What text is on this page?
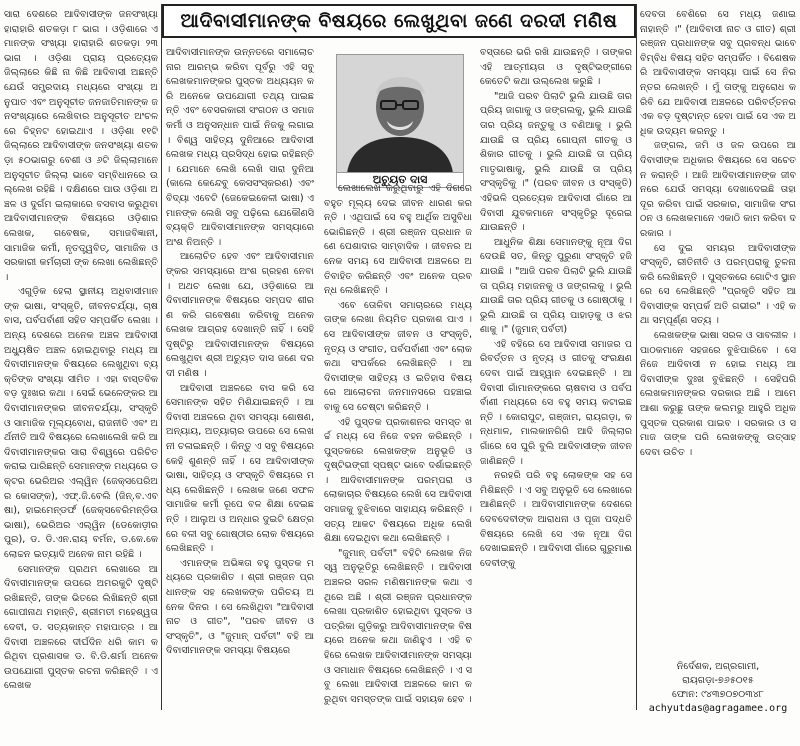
ଆଦିବାସୀମାନଙ୍କ ବିଷୟରେ ଲେଖୁଥିବା ଜଣେ ଦରଦୀ ମଣିଷ

ସାରା ଦେଶରେ ଆଦିବାସୀଙ୍କ ଜନସଂଖ୍ୟା ହାରାହାରି ଶତକଡ଼ା ୮ ଭାଗ । ଓଡ଼ିଶାରେ ଏମାନଙ୍କ ସଂଖ୍ୟା ହାରାହାରି ଶତକଡ଼ା ୨୩ ଭାଗ । ଓଡ଼ିଶା ପ୍ରାୟ ପ୍ରତ୍ୟେକ ଜିଲ୍ଲାରେ କିଛି ନା କିଛି ଆଦିବାସୀ ଅଛନ୍ତି ଯେଉଁ ସମ୍ପ୍ରଦାୟ ମଧ୍ୟରେ ସଂଖ୍ୟା ଅନୁପାତ ଏବଂ ଅନୁସୂଚୀତ ଜନଜାତିମାନଙ୍କ ଜନସଂଖ୍ୟାରେ ଲେଖିବାର ଅନୁସୂଚୀତ ଅଂଚଳରେ ଚିହ୍ନଟ ହୋଇଥାଏ । ଓଡ଼ିଶା ୧୧ଟି ଜିଲ୍ଲାରେ ଆଦିବାସୀଙ୍କ ଜନସଂଖ୍ୟା ଶତକଡ଼ା ୫୦ଭାଗରୁ ବେଶୀ ଓ ୬ଟି ଜିଲ୍ଲାମାନେ ଅନୁସୂଚୀତ ଜିଲ୍ଲା ଭାବେ ସମ୍ବିଧାନରେ ଉଲ୍ଲେଖ ରହିଛି । ଦକ୍ଷିଣରେ ପାଉ ଓଡ଼ିଶା ଅଞ୍ଚଳ ଓ ଦୁର୍ଗମ ଇଲାକାରେ ବସବାସ କରୁଥିବା ଆଦିବାସୀମାନଙ୍କ ବିଷୟରେ ଓଡ଼ିଶାର ଲେଖକ, ଗବେଷକ, ସମାଜବିଜ୍ଞାନୀ, ସାମାଜିକ କର୍ମୀ, ନୃତତ୍ତ୍ୱବିତ୍, ସାମାଜିକ ଓ ସରକାରୀ କର୍ମଚାରୀ ଙ୍କ ଲେଖା ଲେଖିଛନ୍ତି ।

ଏଗୁଡ଼ିକ ହେଲା ସ୍ଥାନୀୟ ଅଧିବାସୀମାନଙ୍କ ଭାଷା, ସଂସ୍କୃତି, ଜୀବନଚର୍ଯ୍ୟା, ଚାଷବାସ, ପର୍ବପର୍ବାଣୀ ସହିତ ସମ୍ପର୍କିତ ଲେଖା । ଅନ୍ୟ ଦେଶରେ ଅନେକ ଅଞ୍ଚଳ ଆଦିବାସୀ ଅଧ୍ୟୁଷିତ ଅଞ୍ଚଳ ହୋଇଥିବାରୁ ମଧ୍ୟ ଆଦିବାସୀମାନଙ୍କ ବିଷୟରେ ଲେଖୁଥିବା ବ୍ୟକ୍ତିଙ୍କ ସଂଖ୍ୟା ସୀମିତ । ଏହା ବାସ୍ତବିକ ବଡ଼ ଦୁଃଖର କଥା । ସେଇଁ ଭେଳେଙ୍କର ଆଦିବାସୀମାନଙ୍କର ଜୀବନଚର୍ଯ୍ୟା, ସଂସ୍କୃତି ଓ ସାମାଜିକ ମୂଲ୍ୟବୋଧ, ରାଜନୀତି ଏବଂ ଅର୍ଥନୀତି ଆଦି ବିଷୟରେ ଲେଖାଲେଖି କରି ଆଦିବାସୀମାନଙ୍କର ସାରା ବିଶ୍ୱରେ ପରିଚିତ କରାଇ ପାରିଛନ୍ତି ସେମାନଙ୍କ ମଧ୍ୟରେ ଡକ୍ଟର ଭେରିଅର ଏଲ୍ୱିନ (ଜେକ୍ସପେରିଅର କୋସଙ୍କ), ଏଫ୍.ଜି.ବେଲି (ଜିନ୍.ବ.ଏବଷା), ହାଇମେନ୍ଡର୍ଫ (ଜେକ୍ସବେରିମନ୍ଡିଉ ଭାଷା), ଭେରିଅର ଏଲ୍ୱିନ (ଡେକୋଡ଼ୀରପୁର), ଡ. ଡି.ଏନ.ରାୟ ବର୍ମନ, ଡ.କେ.କେ ଲୋଚ୍ଚନ ଇତ୍ୟାଦି ଅନେକ ନାମ ରହିଛି ।

ସେମାନଙ୍କ ପ୍ରଥମ ଲେଖାରେ ଆଦିବାସୀମାନଙ୍କ ଉପରେ ଅମରକୁଟି ଦୃଷ୍ଟି ରଖିଛନ୍ତି, ତାଙ୍କ ଭିତରେ ଲିଖିଛନ୍ତି ଶ୍ରୀ ଗୋପୀନାଥ ମହାନ୍ତି, ଶ୍ରୀମତୀ ମହେଶ୍ୱତା ଦେବୀ, ଡ. ସତ୍ୟକାନ୍ତ ମହାପାତ୍ର । ଆଦିବାସୀ ଅଞ୍ଚଳରେ ଦୀର୍ଘଦିନ ଧରି କାମ କରିଥିବା ପ୍ରଶାସକ ଡ. ବି.ଡି.ଶର୍ମା ଅନେକ ଉପଯୋଗୀ ପୁସ୍ତକ ରଚନା କରିଛନ୍ତି । ଏ ଲେଖକ

ଆଦିବାସୀମାନଙ୍କ ଉନ୍ନତରେ ସମାଲୋଚନାର ଆରମ୍ଭ କରିବା ପୂର୍ବରୁ ଏହି ସବୁ ଲେଖକମାନଙ୍କର ପୁସ୍ତକ ଅଧ୍ୟୟନ କରି ଅନେକେ ଉପଯୋଗୀ ତଥ୍ୟ ପାଇଛନ୍ତି ଏବଂ ବେସରକାରୀ ସଂଗଠନ ଓ ସମାଜକର୍ମୀ ଓ ଅନୁସନ୍ଧାନ ପାଇଁ ନିଜକୁ ଲଗାଇ । ବିଶ୍ୱ ସାହିତ୍ୟ ଦୁନିଆରେ ଆଦିବାସୀ ଲେଖକ ମଧ୍ୟ ପ୍ରସିଦ୍ଧ ହୋଇ ରହିଛନ୍ତି । ଯେମାନେ ଲେଖି ଲେଖି ସାରା ଦୁନିଆ (କାଲେ କେନ୍ଦେବୁ କେସସଂସ୍କରଣ) ଏବଂ ବିଦ୍ୟା ଏବେଟି (ଜେକେଇକେଳୀ ଭାଷା) ଏମାନଙ୍କ ଲେଖି ସବୁ ପଢ଼ିଲେ ଯେକୌଣସି ବ୍ୟକ୍ତି ଆଦିବାସୀମାନଙ୍କ ସମସ୍ୟାରେ ଅଂଶ ନିଅନ୍ତି ।

ଆଲୋଚିତ ହେବ ଏବଂ ଆଦିବାସୀମାନଙ୍କର ସମସ୍ୟାରେ ଅଂଶ ଗ୍ରହଣ ନେବା । ଅଥଚ ଲେଖା ଯେ, ଓଡ଼ିଶାରେ ଆଦିବାସୀମାନଙ୍କ ବିଷୟରେ ସମ୍ପଦ ଶୀରଣ କରି ଗବେଷଣା କରିବାକୁ ଅନେକ ଲେଖକ ଆଗ୍ରହ ଦେଖାନ୍ତି ନାହିଁ । ସେହି ଦୃଷ୍ଟିରୁ ଆଦିବାସୀମାନଙ୍କ ବିଷୟରେ ଲେଖୁଥିବା ଶ୍ରୀ ଅଚ୍ୟୁତ ଦାସ ଜଣେ ଦରଦୀ ମଣିଷ ।

ଆଦିବାସୀ ଅଞ୍ଚଳରେ ବାସ କରି ସେ ସେମାନଙ୍କ ସହିତ ମିଶିଯାଇଛନ୍ତି । ଆଦିବାସୀ ଅଞ୍ଚଳରେ ଥିବା ସମସ୍ୟା ଶୋଷଣ, ଅନ୍ୟାୟ, ଅତ୍ୟାଚାର ଉପରେ ସେ ଲେଖନୀ ଚଳାଇଛନ୍ତି । କିନ୍ତୁ ଏ ସବୁ ବିଷୟରେ କେହି ଶୁଣନ୍ତି ନାହିଁ । ସେ ଆଦିବାସୀଙ୍କ ଭାଷା, ସାହିତ୍ୟ ଓ ସଂସ୍କୃତି ବିଷୟରେ ମଧ୍ୟ ଲେଖିଛନ୍ତି । ଲେଖକ ଜଣେ ସଫଳ ସାମାଜିକ କର୍ମୀ ରୂପେ ବଳ ଶିକ୍ଷା ଦେଇଛନ୍ତି । ଆଲୁଅ ଓ ଅନ୍ଧାର ଦୁଇଟି କ୍ଷେତ୍ରରେ ବଳୀ ସବୁ ଗୋଷ୍ଠୀର ଲୋକ ବିଷୟରେ ଲେଖିଛନ୍ତି ।

ଏମାନଙ୍କ ଅଭିଜ୍ଞତା ବହୁ ପୁସ୍ତକ ମଧ୍ୟରେ ପ୍ରକାଶିତ । ଶ୍ରୀ ରଞ୍ଜନ ପ୍ରଧାନଙ୍କ ସହ ଲେଖକଙ୍କ ପରିଚୟ ଅନେକ ଦିନର । ସେ ଲେଖିଥିବା "ଆଦିବାସୀ ନାଚ ଓ ଗୀତ", "ପରବ ଜୀବନ ଓ ସଂସ୍କୃତି", ଓ "ଜୁମାନ୍ ପର୍ବତୀ" ବହି ଆଦିବାସୀମାନଙ୍କ ସମସ୍ୟା ବିଷୟରେ

ଅଚ୍ୟୁତ ଦାସ

ଲେଖାଲେଖି କରୁଥିବାରୁ ଏହି ଦିଗରେ ବହୁତ ମୂଲ୍ୟ ଦେଇ ଜୀବନ ଧାରଣ କରନ୍ତି । ଏଥିପାଇଁ ସେ ବହୁ ଆର୍ଥିକ ଅସୁବିଧା ଭୋଗିଛନ୍ତି । ଶ୍ରୀ ରଞ୍ଜନ ପ୍ରଧାନ ଜଣେ ପେଶାଦାର ସାମ୍ବାଦିକ । ଜୀବନର ଅନେକ ସମୟ ସେ ଆଦିବାସୀ ଅଞ୍ଚଳରେ ଅତିବାହିତ କରିଛନ୍ତି ଏବଂ ଅନେକ ପ୍ରବନ୍ଧ ଲେଖିଛନ୍ତି ।

ଏବେ ତୋଳିବା ସମାଚାରରେ ମଧ୍ୟ ତାଙ୍କ ଲେଖା ନିୟମିତ ପ୍ରକାଶ ପାଏ । ସେ ଆଦିବାସୀଙ୍କ ଜୀବନ ଓ ସଂସ୍କୃତି, ନୃତ୍ୟ ଓ ସଂଗୀତ, ପର୍ବପର୍ବାଣୀ ଏବଂ ଲୋକକଥା ସଂପର୍କରେ ଲେଖିଛନ୍ତି । ଆଦିବାସୀଙ୍କ ସାହିତ୍ୟ ଓ ଇତିହାସ ବିଷୟରେ ଆଲୋଚନା ଜନମାନସରେ ପହଞ୍ଚାଇବାକୁ ସେ ଚେଷ୍ଟା କରିଛନ୍ତି ।

ଏହି ପୁସ୍ତକ ପ୍ରକାଶନର ସମସ୍ତ ଖର୍ଚ୍ଚ ମଧ୍ୟ ସେ ନିଜେ ବହନ କରିଛନ୍ତି । ପୁସ୍ତକରେ ଲେଖକଙ୍କ ଅନୁଭୂତି ଓ ଦୃଷ୍ଟିଭଙ୍ଗୀ ସ୍ପଷ୍ଟ ଭାବେ ଦର୍ଶାଇଛନ୍ତି । ଆଦିବାସୀମାନଙ୍କ ପରମ୍ପରା ଓ ଲୋକାଚାର ବିଷୟରେ ଲେଖି ସେ ଆଦିବାସୀ ସମାଜକୁ ବୁଝିବାରେ ସାହାଯ୍ୟ କରିଛନ୍ତି । ସତ୍ୟ ଆକଟ ବିଷୟରେ ଅଧିକ ଲେଖି ଶିକ୍ଷା ଦେଇଥିବା କଥା ଲେଖିଛନ୍ତି ।

"ଜୁମାନ୍ ପର୍ବତୀ" ବହିଟି ଲେଖକ ନିଜସ୍ୱ ଅନୁଭୂତିରୁ ଲେଖିଛନ୍ତି । ଆଦିବାସୀ ଅଞ୍ଚଳର ସରଳ ମଣିଷମାନଙ୍କ କଥା ଏଥିରେ ଅଛି । ଶ୍ରୀ ରଞ୍ଜନ ପ୍ରଧାନଙ୍କ ଲେଖା ପ୍ରକାଶିତ ହୋଇଥିବା ପୁସ୍ତକ ଓ ପତ୍ରିକା ଗୁଡ଼ିକରୁ ଆଦିବାସୀମାନଙ୍କ ବିଷୟରେ ଅନେକ କଥା ଜାଣିହୁଏ । ଏହି ବହିରେ ଲେଖକ ଆଦିବାସୀମାନଙ୍କ ସମସ୍ୟା ଓ ସମାଧାନ ବିଷୟରେ ଲେଖିଛନ୍ତି । ଏ ସବୁ ଲେଖା ଆଦିବାସୀ ଅଞ୍ଚଳରେ କାମ କରୁଥିବା ସମସ୍ତଙ୍କ ପାଇଁ ସହାୟକ ହେବ ।

ବସ୍ତାରେ ଭରି ରଖି ଯାଉଛନ୍ତି । ତାଙ୍କର ଏହି ଆତ୍ମୀୟତା ଓ ଦୃଷ୍ଟିଭଙ୍ଗୀରେ କେତେଟି କଥା ଉଲ୍ଲେଖ କରୁଛି ।

"ଆଜି ପରବ ପିଲାଟି ଭୁଲି ଯାଉଛି ତାର ପ୍ରିୟ ଜାଗାକୁ ଓ ଜଙ୍ଗଲକୁ, ଭୁଲି ଯାଉଛି ତାର ପ୍ରିୟ ଜନ୍ତୁକୁ ଓ ବଣିଆକୁ । ଭୁଲି ଯାଉଛି ତା ପ୍ରିୟ ଗୋପ୍ନୀ ଗୀତକୁ ଓ ଶିକାର ଗୀତକୁ । ଭୁଲି ଯାଉଛି ତା ପ୍ରିୟ ମାତୃଭାଷାକୁ, ଭୁଲି ଯାଉଛି ତା ପ୍ରିୟ ସଂସ୍କୃତିକୁ ।" (ପରବ ଜୀବନ ଓ ସଂସ୍କୃତି) ଏହିଭଳି ପ୍ରତ୍ୟେକ ଆଦିବାସୀ ଗାଁରେ ଆଦିବାସୀ ଯୁବକମାନେ ସଂସ୍କୃତିରୁ ଦୂରେଇ ଯାଉଛନ୍ତି ।

ଆଧୁନିକ ଶିକ୍ଷା ସେମାନଙ୍କୁ ନୂଆ ଦିଗ ଦେଉଛି ସତ, କିନ୍ତୁ ପୁରୁଣା ସଂସ୍କୃତି ହଜି ଯାଉଛି । "ଆଜି ପରବ ପିଲାଟି ଭୁଲି ଯାଉଛି ତା ପ୍ରିୟ ମହାଜନକୁ ଓ ଜଙ୍ଗଲକୁ । ଭୁଲି ଯାଉଛି ତାର ପ୍ରିୟ ଗୀତକୁ ଓ ଗୋଷ୍ଠୀକୁ । ଭୁଲି ଯାଉଛି ତା ପ୍ରିୟ ପାହାଡ଼କୁ ଓ ଝରଣାକୁ ।" (ଜୁମାନ୍ ପର୍ବତୀ)

ଏହି ବହିରେ ସେ ଆଦିବାସୀ ସମାଜର ପରିବର୍ତ୍ତନ ଓ ନୃତ୍ୟ ଓ ଗୀତକୁ ସଂରକ୍ଷଣ ଦେବା ପାଇଁ ଆହ୍ୱାନ ଦେଇଛନ୍ତି । ଆଦିବାସୀ ଗାଁମାନଙ୍କରେ ଚାଷବାସ ଓ ପର୍ବପର୍ବାଣୀ ମଧ୍ୟରେ ସେ ବହୁ ସମୟ କଟାଇଛନ୍ତି । କୋରାପୁଟ, ଗଞ୍ଜାମ, ରାୟଗଡ଼ା, କନ୍ଧମାଳ, ମାଲକାନଗିରି ଆଦି ଜିଲ୍ଲାର ଗାଁରେ ସେ ଘୁରି ବୁଲି ଆଦିବାସୀଙ୍କ ଜୀବନ ଜାଣିଛନ୍ତି ।

ନରହରି ପରି ବହୁ ଲୋକଙ୍କ ସହ ସେ ମିଶିଛନ୍ତି । ଏ ସବୁ ଅନୁଭୂତି ସେ ଲେଖାରେ ଆଣିଛନ୍ତି । ଆଦିବାସୀମାନଙ୍କ ଦେଶରେ ଦେବଦେବୀଙ୍କ ଆରାଧନା ଓ ପୂଜା ପଦ୍ଧତି ବିଷୟରେ ଲେଖି ସେ ଏକ ନୂଆ ଦିଗ ଦେଖାଇଛନ୍ତି । ଆଦିବାସୀ ଗାଁରେ ଗୁରୁମାଈ ଦେବୀଙ୍କୁ

ଦେବତା ବେଶିରେ ସେ ମଧ୍ୟ ଜଣାଇ ନାହାନ୍ତି ।" (ଆଦିବାସୀ ନାଚ ଓ ଗୀତ) ଶ୍ରୀ ରଞ୍ଜନ ପ୍ରଧାନଙ୍କ ସବୁ ପ୍ରବନ୍ଧ ଭାବେ ବିମ୍ବିଧ ବିଷୟ ସହିତ ସମ୍ପର୍କିତ । ବିଶେଷକରି ଆଦିବାସୀଙ୍କ ସମସ୍ୟା ପାଇଁ ସେ ନିରନ୍ତର ଲେଖନ୍ତି । ମୁଁ ତାଙ୍କୁ ଅନୁରୋଧ କରିବି ଯେ ଆଦିବାସୀ ଅଞ୍ଚଳରେ ପରିବର୍ତ୍ତନର ଏକ ବଡ଼ ଦୃଷ୍ଟାନ୍ତ ହେବା ପାଇଁ ସେ ଏକ ଅଧିକ ଉଦ୍ୟମ କରନ୍ତୁ ।

ଜଙ୍ଗଲ, ଜମି ଓ ଜଳ ଉପରେ ଆଦିବାସୀଙ୍କ ଅଧିକାର ବିଷୟରେ ସେ ସଚେତନ କରାନ୍ତି । ଆଜି ଆଦିବାସୀମାନଙ୍କ ଜୀବନରେ ଯେଉଁ ସମସ୍ୟା ଦେଖାଦେଇଛି ତାହା ଦୂର କରିବା ପାଇଁ ସରକାର, ସାମାଜିକ ସଂଗଠନ ଓ ଲେଖକମାନେ ଏକାଠି କାମ କରିବା ଦରକାର ।

ସେ ଦୁଇ ସମୟର ଆଦିବାସୀଙ୍କ ସଂସ୍କୃତି, ରୀତିନୀତି ଓ ପରମ୍ପରାକୁ ତୁଳନା କରି ଲେଖିଛନ୍ତି । ପୁସ୍ତକରେ ଗୋଟିଏ ସ୍ଥାନରେ ସେ ଲେଖିଛନ୍ତି "ପ୍ରକୃତି ସହିତ ଆଦିବାସୀଙ୍କ ସମ୍ପର୍କ ଅତି ଗଭୀର" । ଏହି କଥା ସମ୍ପୂର୍ଣ୍ଣ ସତ୍ୟ ।

ଲେଖକଙ୍କ ଭାଷା ସରଳ ଓ ସାବଲୀଳ । ପାଠକମାନେ ସହଜରେ ବୁଝିପାରିବେ । ସେ ନିଜେ ଆଦିବାସୀ ନ ହୋଇ ମଧ୍ୟ ଆଦିବାସୀଙ୍କ ଦୁଃଖ ବୁଝିଛନ୍ତି । ସେହିପରି ଲେଖକମାନଙ୍କର ଦରକାର ଅଛି । ଆମେ ଆଶା କରୁଛୁ ତାଙ୍କ କଲମରୁ ଆହୁରି ଅଧିକ ପୁସ୍ତକ ପ୍ରକାଶ ପାଇବ । ସରକାର ଓ ସମାଜ ତାଙ୍କ ପରି ଲେଖକଙ୍କୁ ଉତ୍ସାହ ଦେବା ଉଚିତ ।

ନିର୍ଦେଶକ, ଅଗ୍ରଗାମୀ,
ରାୟଗଡ଼ା-୭୬୫୦୧୫
ଫୋନ: ୯୪୩୭୦୭୦୩୪୮
achyutdas@agragamee.org
